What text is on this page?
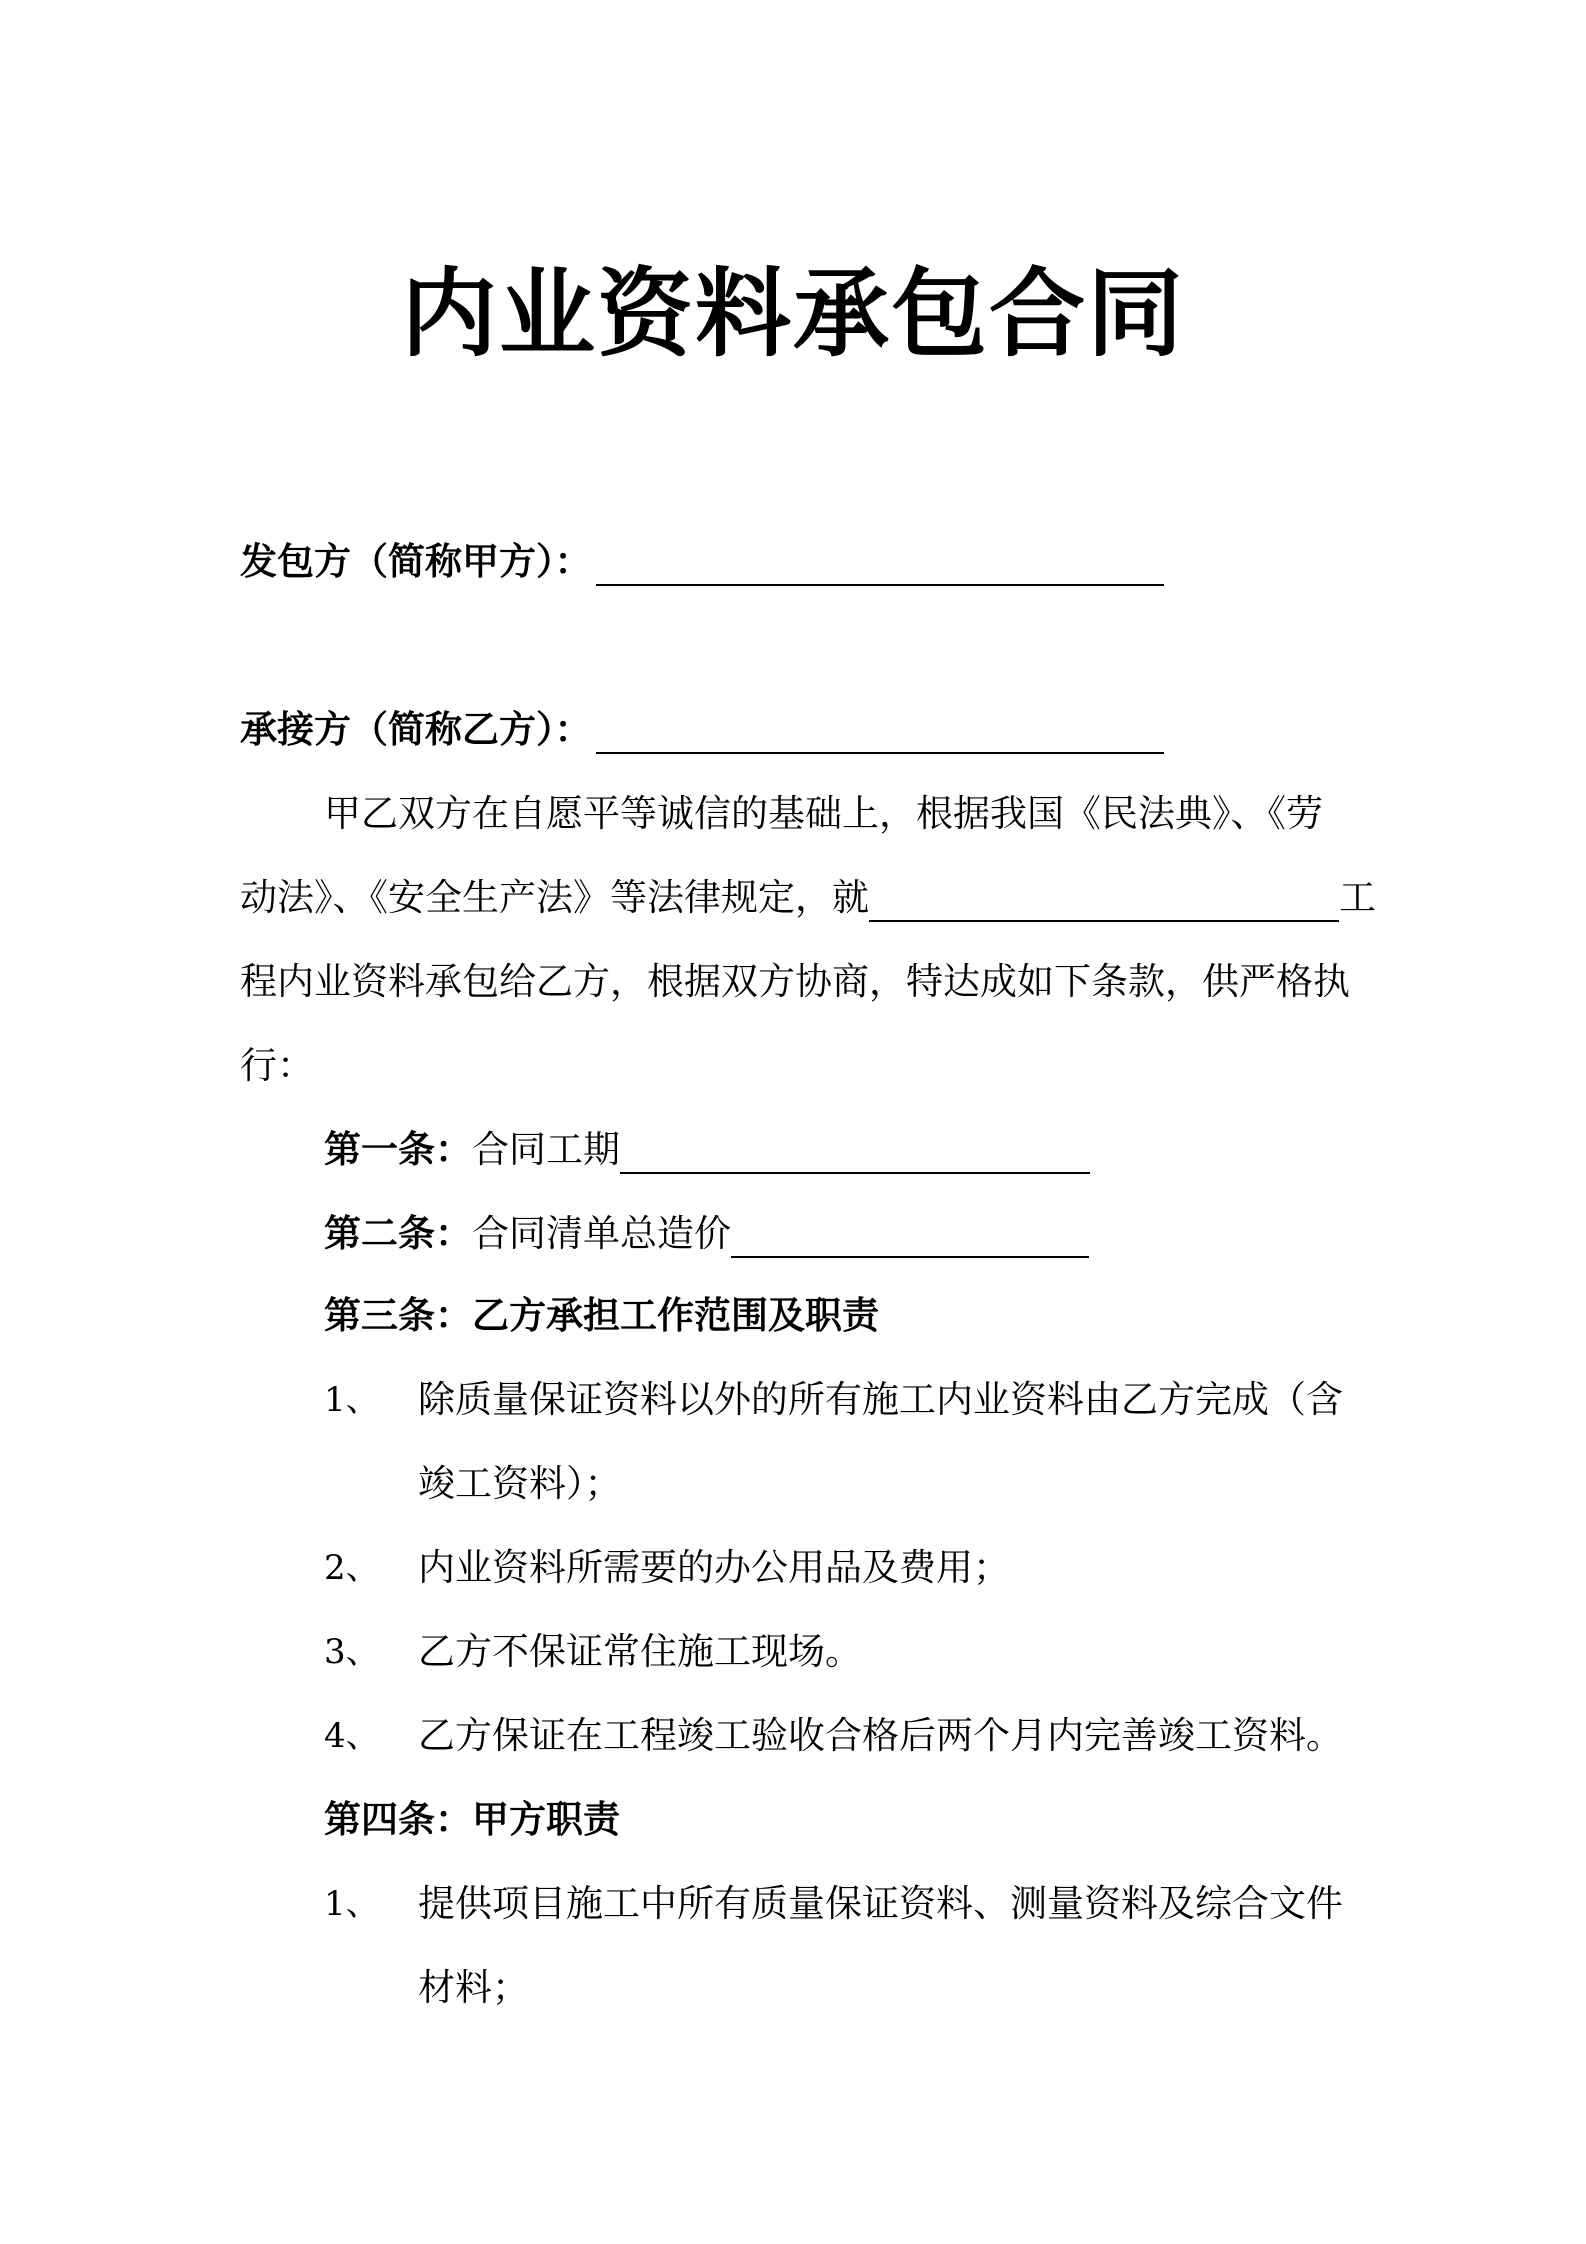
内业资料承包合同
发包方（简称甲方）：
承接方（简称乙方）：
甲乙双方在自愿平等诚信的基础上，根据我国《民法典》、《劳
动法》、《安全生产法》等法律规定，就	工
程内业资料承包给乙方，根据双方协商，特达成如下条款，供严格执
行：
第一条：合同工期
第二条：合同清单总造价
第三条：乙方承担工作范围及职责
1、 除质量保证资料以外的所有施工内业资料由乙方完成（含
竣工资料）；
2、 内业资料所需要的办公用品及费用；
3、 乙方不保证常住施工现场。
4、 乙方保证在工程竣工验收合格后两个月内完善竣工资料。
第四条：甲方职责
1、 提供项目施工中所有质量保证资料、测量资料及综合文件
材料；
